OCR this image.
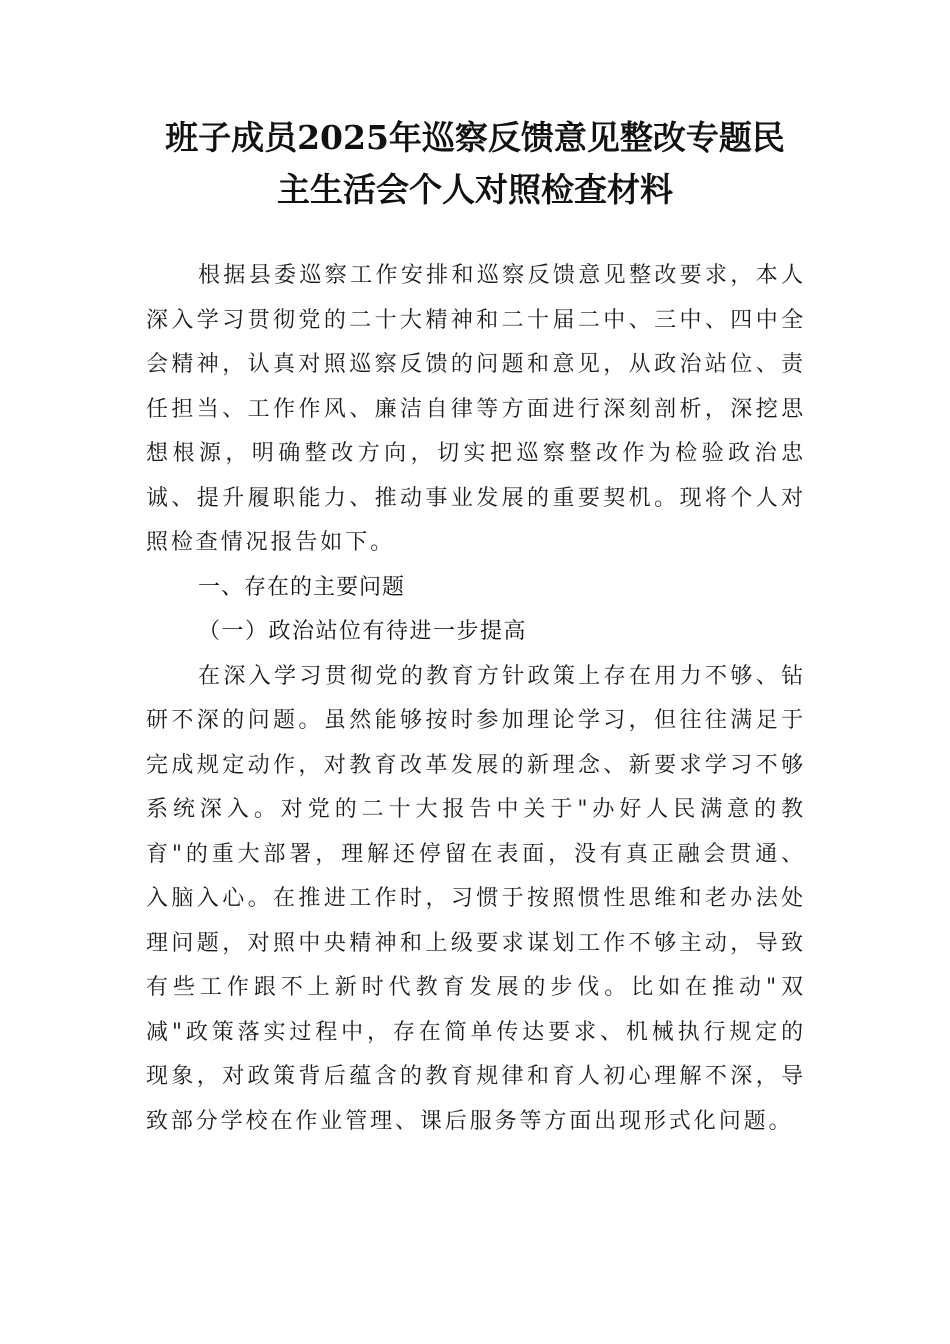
班子成员2025年巡察反馈意见整改专题民
主生活会个人对照检查材料

根据县委巡察工作安排和巡察反馈意见整改要求，本人深入学习贯彻党的二十大精神和二十届二中、三中、四中全会精神，认真对照巡察反馈的问题和意见，从政治站位、责任担当、工作作风、廉洁自律等方面进行深刻剖析，深挖思想根源，明确整改方向，切实把巡察整改作为检验政治忠诚、提升履职能力、推动事业发展的重要契机。现将个人对照检查情况报告如下。

一、存在的主要问题
（一）政治站位有待进一步提高

在深入学习贯彻党的教育方针政策上存在用力不够、钻研不深的问题。虽然能够按时参加理论学习，但往往满足于完成规定动作，对教育改革发展的新理念、新要求学习不够系统深入。对党的二十大报告中关于"办好人民满意的教育"的重大部署，理解还停留在表面，没有真正融会贯通、入脑入心。在推进工作时，习惯于按照惯性思维和老办法处理问题，对照中央精神和上级要求谋划工作不够主动，导致有些工作跟不上新时代教育发展的步伐。比如在推动"双减"政策落实过程中，存在简单传达要求、机械执行规定的现象，对政策背后蕴含的教育规律和育人初心理解不深，导致部分学校在作业管理、课后服务等方面出现形式化问题。
